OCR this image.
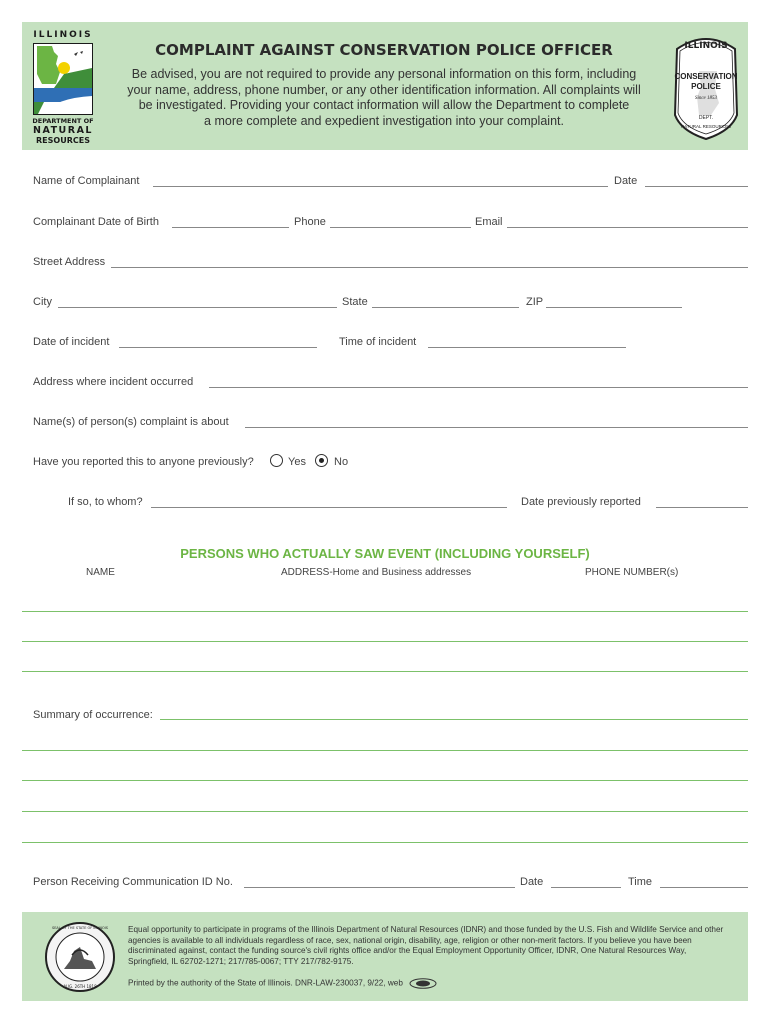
ILLINOIS
DEPARTMENT OF
NATURAL
RESOURCES
COMPLAINT AGAINST CONSERVATION POLICE OFFICER
Be advised, you are not required to provide any personal information on this form, including
your name, address, phone number, or any other identification information. All complaints will
be investigated. Providing your contact information will allow the Department to complete
a more complete and expedient investigation into your complaint.
ILLINOIS
CONSERVATION
POLICE
Since 1853
DEPT.
NATURAL RESOURCES
Name of Complainant	Date
Complainant Date of Birth	Phone	Email
Street Address
City	State	ZIP
Date of incident	Time of incident
Address where incident occurred
Name(s) of person(s) complaint is about
Have you reported this to anyone previously?	Yes	No
If so, to whom?	Date previously reported
PERSONS WHO ACTUALLY SAW EVENT (INCLUDING YOURSELF)
NAME	ADDRESS-Home and Business addresses	PHONE NUMBER(s)
Summary of occurrence:
Person Receiving Communication ID No.	Date	Time
SEAL OF THE STATE OF ILLINOIS
AUG. 26TH 1818
Equal opportunity to participate in programs of the Illinois Department of Natural Resources (IDNR) and those funded by the U.S. Fish and Wildlife Service and other agencies is available to all individuals regardless of race, sex, national origin, disability, age, religion or other non-merit factors. If you believe you have been discriminated against, contact the funding source's civil rights office and/or the Equal Employment Opportunity Officer, IDNR, One Natural Resources Way, Springfield, IL 62702-1271; 217/785-0067; TTY 217/782-9175.
Printed by the authority of the State of Illinois. DNR-LAW-230037, 9/22, web
